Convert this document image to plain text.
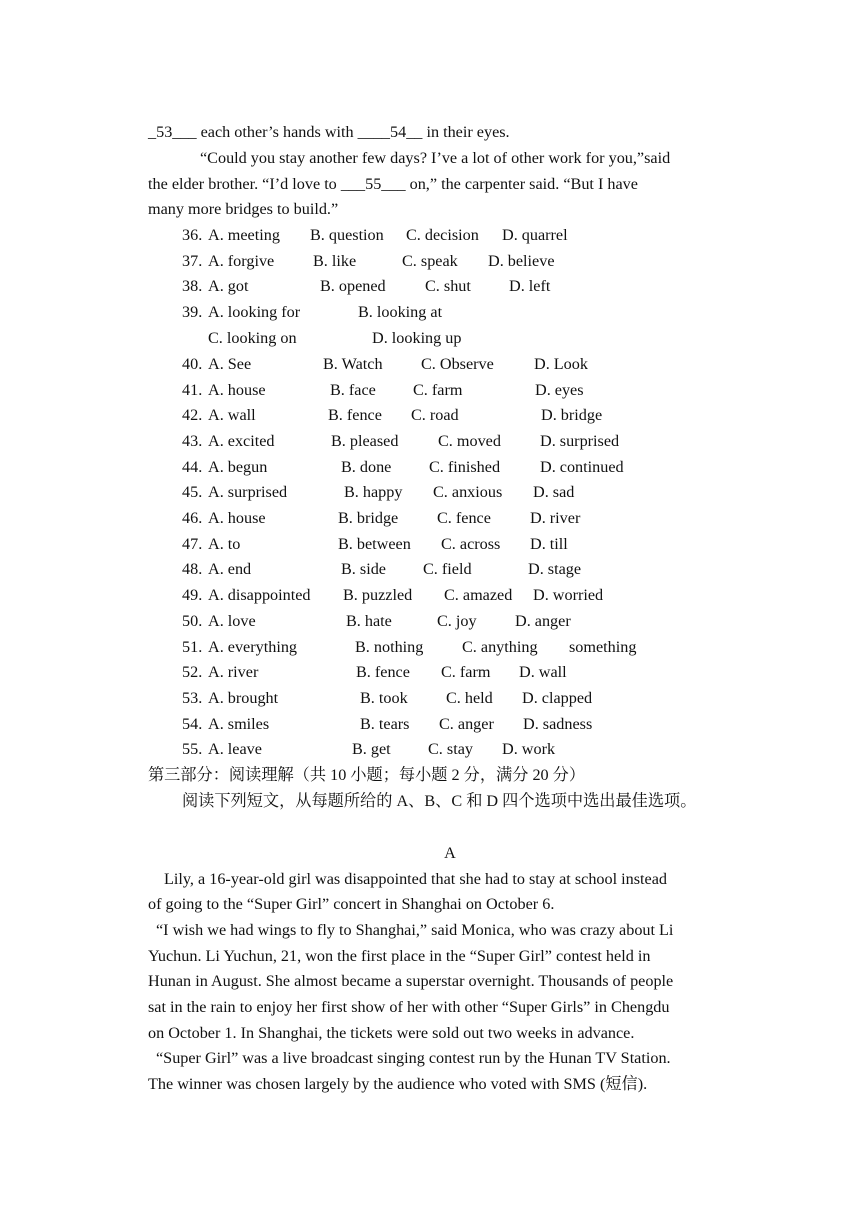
_53___ each other’s hands with ____54__ in their eyes.
“Could you stay another few days? I’ve a lot of other work for you,”said
the elder brother. “I’d love to ___55___ on,” the carpenter said. “But I have
many more bridges to build.”
36. A. meeting B. question C. decision D. quarrel
37. A. forgive B. like	C. speak D. believe
38. A. got	B. opened C. shut D. left
39. A. looking for	B. looking at
C. looking on	D. looking up
40. A. See	B. Watch C. Observe D. Look
41. A. house	B. face C. farm	D. eyes
42. A. wall	B. fence C. road	D. bridge
43. A. excited	B. pleased C. moved D. surprised
44. A. begun	B. done C. finished D. continued
45. A. surprised	B. happy C. anxious D. sad
46. A. house	B. bridge C. fence D. river
47. A. to	B. between C. across D. till
48. A. end	B. side C. field	D. stage
49. A. disappointed B. puzzled C. amazed D. worried
50. A. love	B. hate	C. joy D. anger
51. A. everything	B. nothing C. anything something
52. A. river	B. fence C. farm D. wall
53. A. brought	B. took C. held D. clapped
54. A. smiles	B. tears C. anger D. sadness
55. A. leave	B. get C. stay D. work
第三部分：阅读理解（共 10 小题；每小题 2 分，满分 20 分）
阅读下列短文，从每题所给的 A、B、C 和 D 四个选项中选出最佳选项。
A
Lily, a 16-year-old girl was disappointed that she had to stay at school instead
of going to the “Super Girl” concert in Shanghai on October 6.
“I wish we had wings to fly to Shanghai,” said Monica, who was crazy about Li
Yuchun. Li Yuchun, 21, won the first place in the “Super Girl” contest held in
Hunan in August. She almost became a superstar overnight. Thousands of people
sat in the rain to enjoy her first show of her with other “Super Girls” in Chengdu
on October 1. In Shanghai, the tickets were sold out two weeks in advance.
“Super Girl” was a live broadcast singing contest run by the Hunan TV Station.
The winner was chosen largely by the audience who voted with SMS (短信).
